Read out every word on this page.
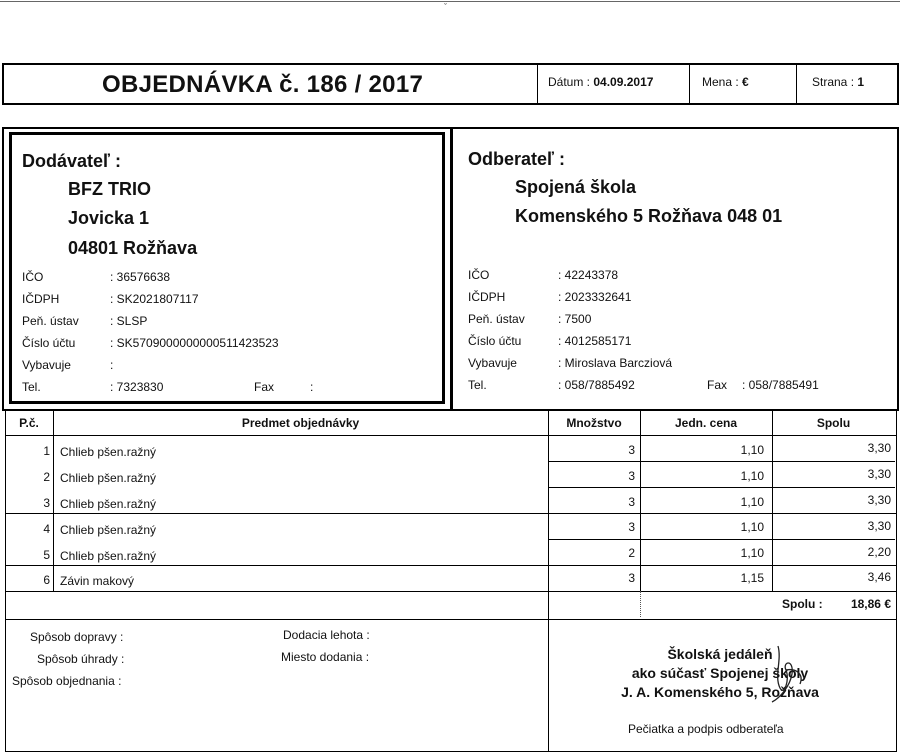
ˇ
OBJEDNÁVKA č. 186 / 2017	Dátum : 04.09.2017	Mena : €	Strana : 1
Dodávateľ :
BFZ TRIO
Jovicka 1
04801 Rožňava
IČO	: 36576638
IČDPH	: SK2021807117
Peň. ústav	: SLSP
Číslo účtu	: SK5709000000000511423523
Vybavuje	:
Tel.	: 7323830	Fax	:
Odberateľ :
Spojená škola
Komenského 5 Rožňava 048 01
IČO	: 42243378
IČDPH	: 2023332641
Peň. ústav	: 7500
Číslo účtu	: 4012585171
Vybavuje	: Miroslava Barcziová
Tel.	: 058/7885492	Fax : 058/7885491
P.č.	Predmet objednávky	Množstvo	Jedn. cena	Spolu
1 Chlieb pšen.ražný	3	1,10	3,30
2 Chlieb pšen.ražný	3	1,10	3,30
3 Chlieb pšen.ražný	3	1,10	3,30
4 Chlieb pšen.ražný	3	1,10	3,30
5 Chlieb pšen.ražný	2	1,10	2,20
6 Závin makový	3	1,15	3,46
Spolu :	18,86 €
Spôsob dopravy :
Spôsob úhrady :
Spôsob objednania :
Dodacia lehota :
Miesto dodania :	Školská jedáleň
ako súčasť Spojenej školy
J. A. Komenského 5, Rožňava
Pečiatka a podpis odberateľa
